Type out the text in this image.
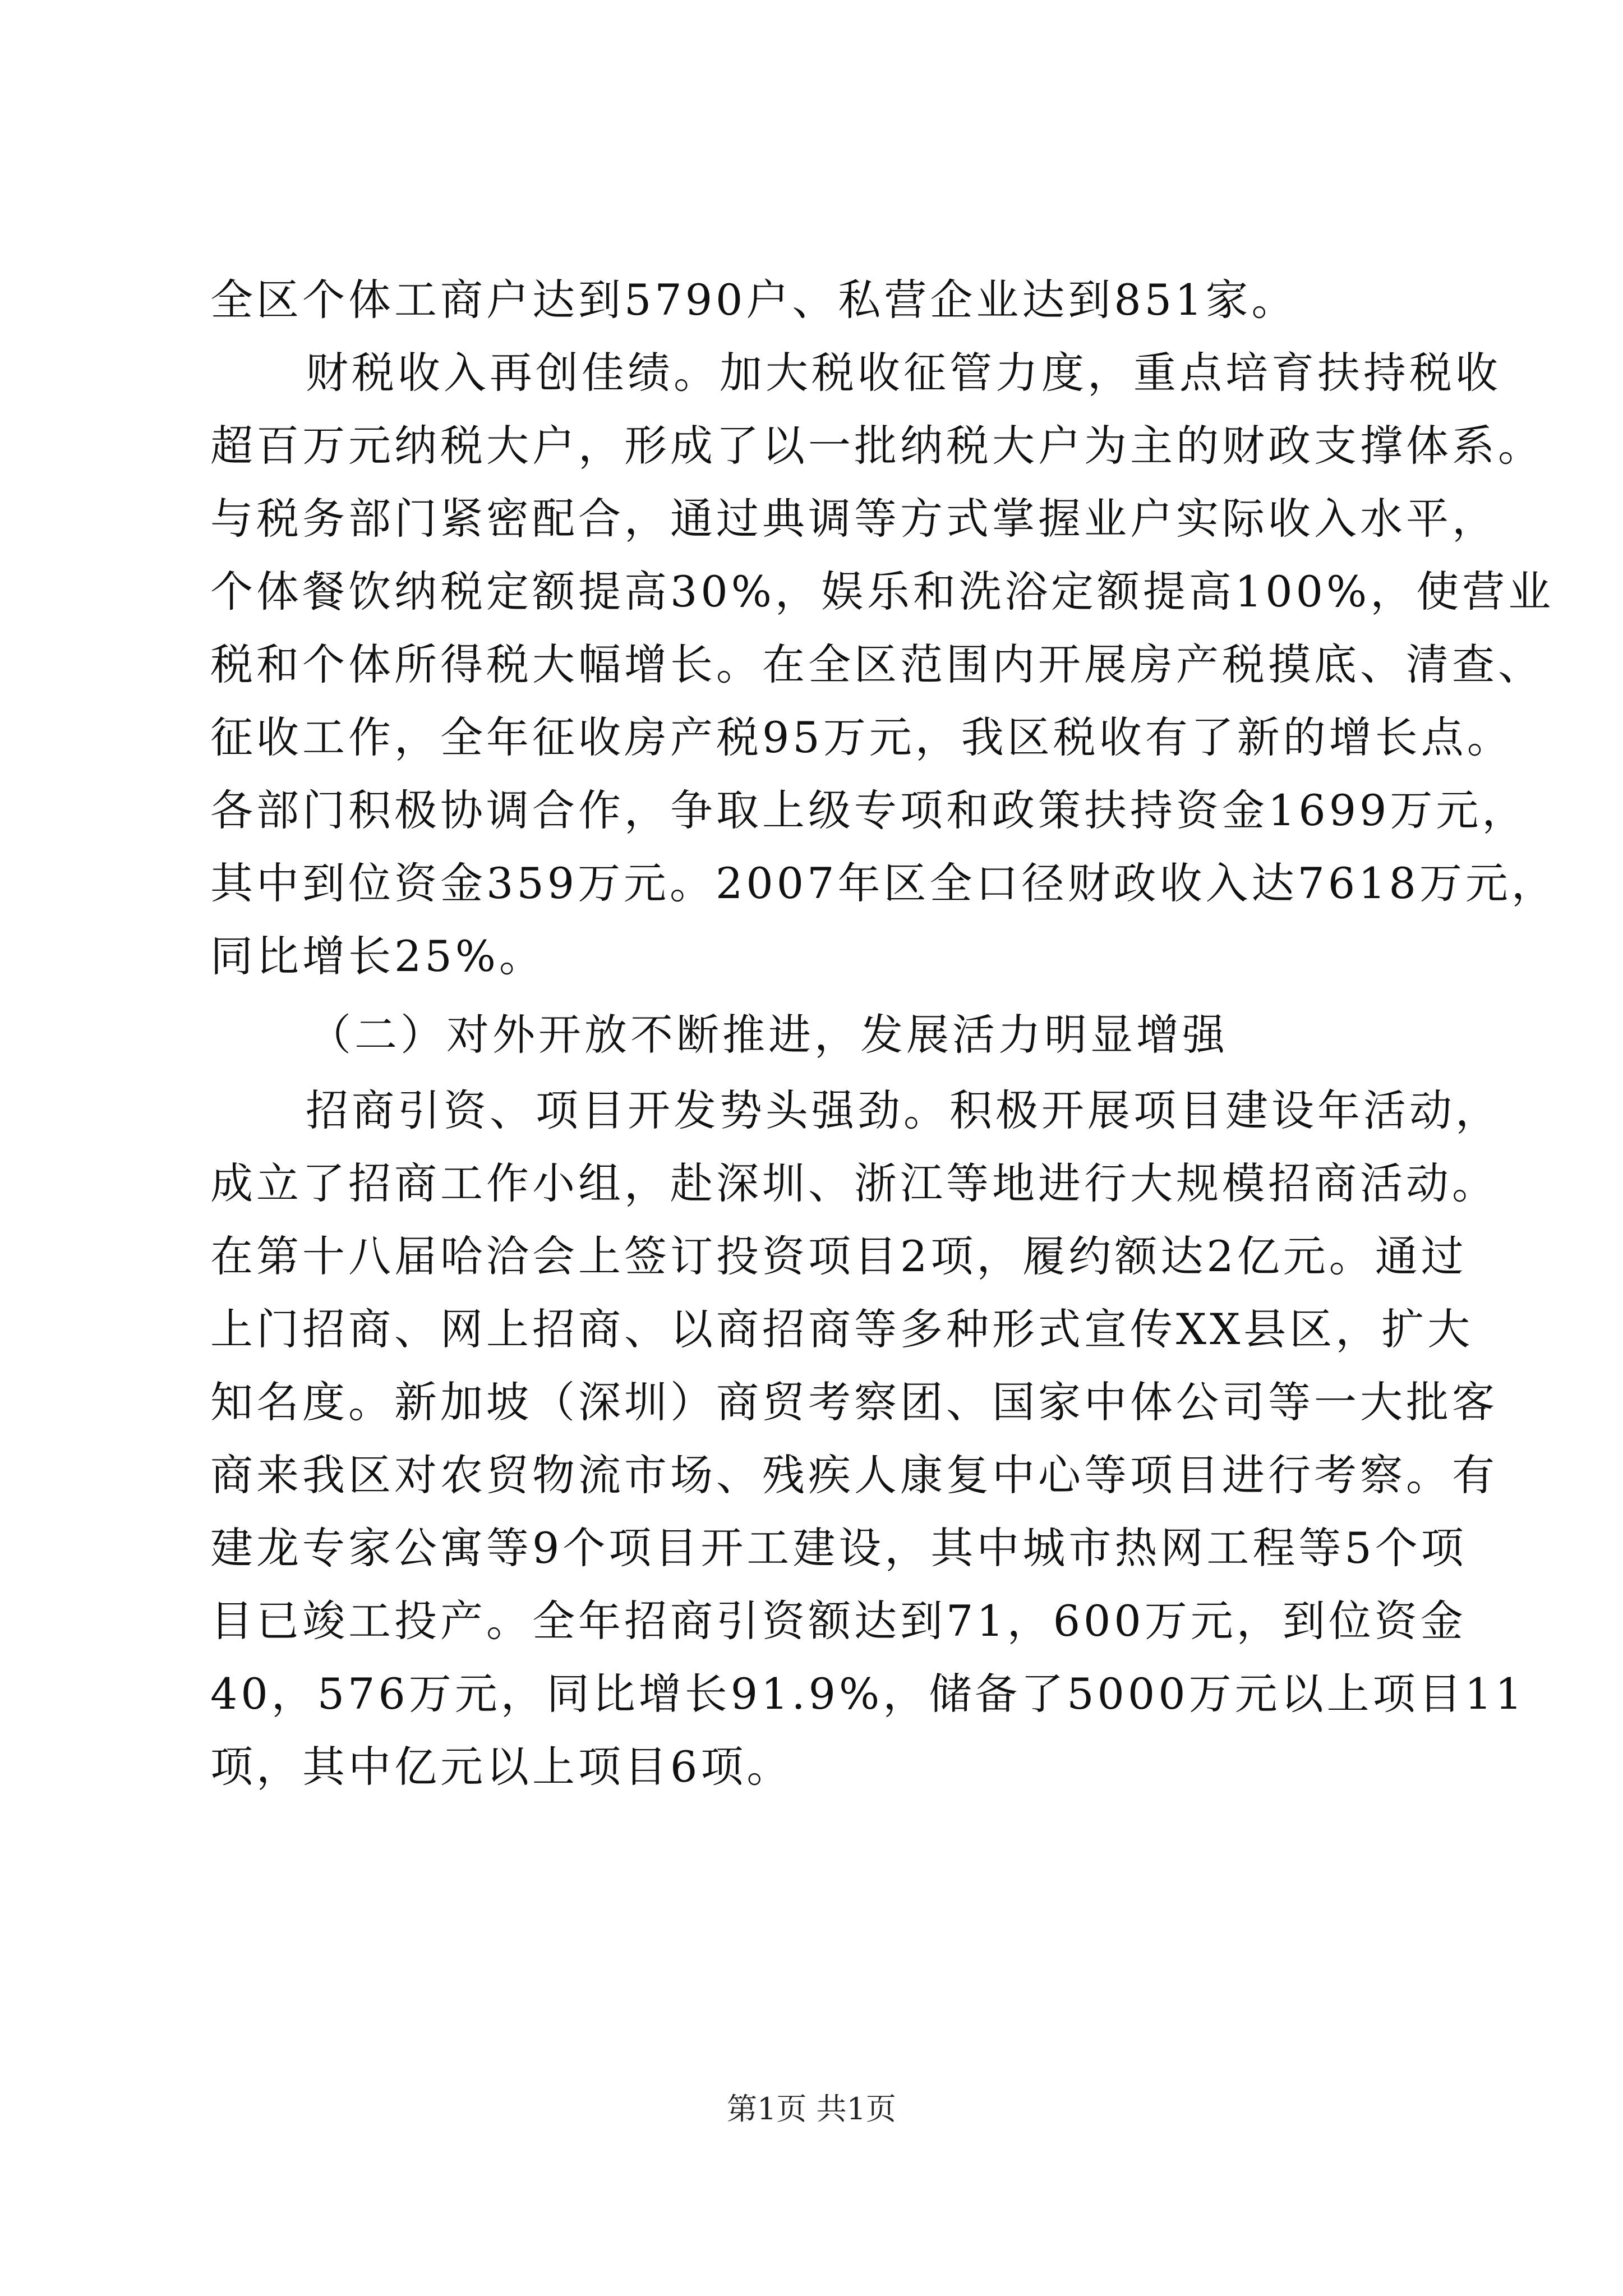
全区个体工商户达到5790户、私营企业达到851家。
财税收入再创佳绩。加大税收征管力度，重点培育扶持税收
超百万元纳税大户，形成了以一批纳税大户为主的财政支撑体系。
与税务部门紧密配合，通过典调等方式掌握业户实际收入水平，
个体餐饮纳税定额提高30%，娱乐和洗浴定额提高100%，使营业
税和个体所得税大幅增长。在全区范围内开展房产税摸底、清查、
征收工作，全年征收房产税95万元，我区税收有了新的增长点。
各部门积极协调合作，争取上级专项和政策扶持资金1699万元，
其中到位资金359万元。2007年区全口径财政收入达7618万元，
同比增长25%。
（二）对外开放不断推进，发展活力明显增强
招商引资、项目开发势头强劲。积极开展项目建设年活动，
成立了招商工作小组，赴深圳、浙江等地进行大规模招商活动。
在第十八届哈洽会上签订投资项目2项，履约额达2亿元。通过
上门招商、网上招商、以商招商等多种形式宣传XX县区，扩大
知名度。新加坡（深圳）商贸考察团、国家中体公司等一大批客
商来我区对农贸物流市场、残疾人康复中心等项目进行考察。有
建龙专家公寓等9个项目开工建设，其中城市热网工程等5个项
目已竣工投产。全年招商引资额达到71，600万元，到位资金
40，576万元，同比增长91.9%，储备了5000万元以上项目11
项，其中亿元以上项目6项。
第1页 共1页
